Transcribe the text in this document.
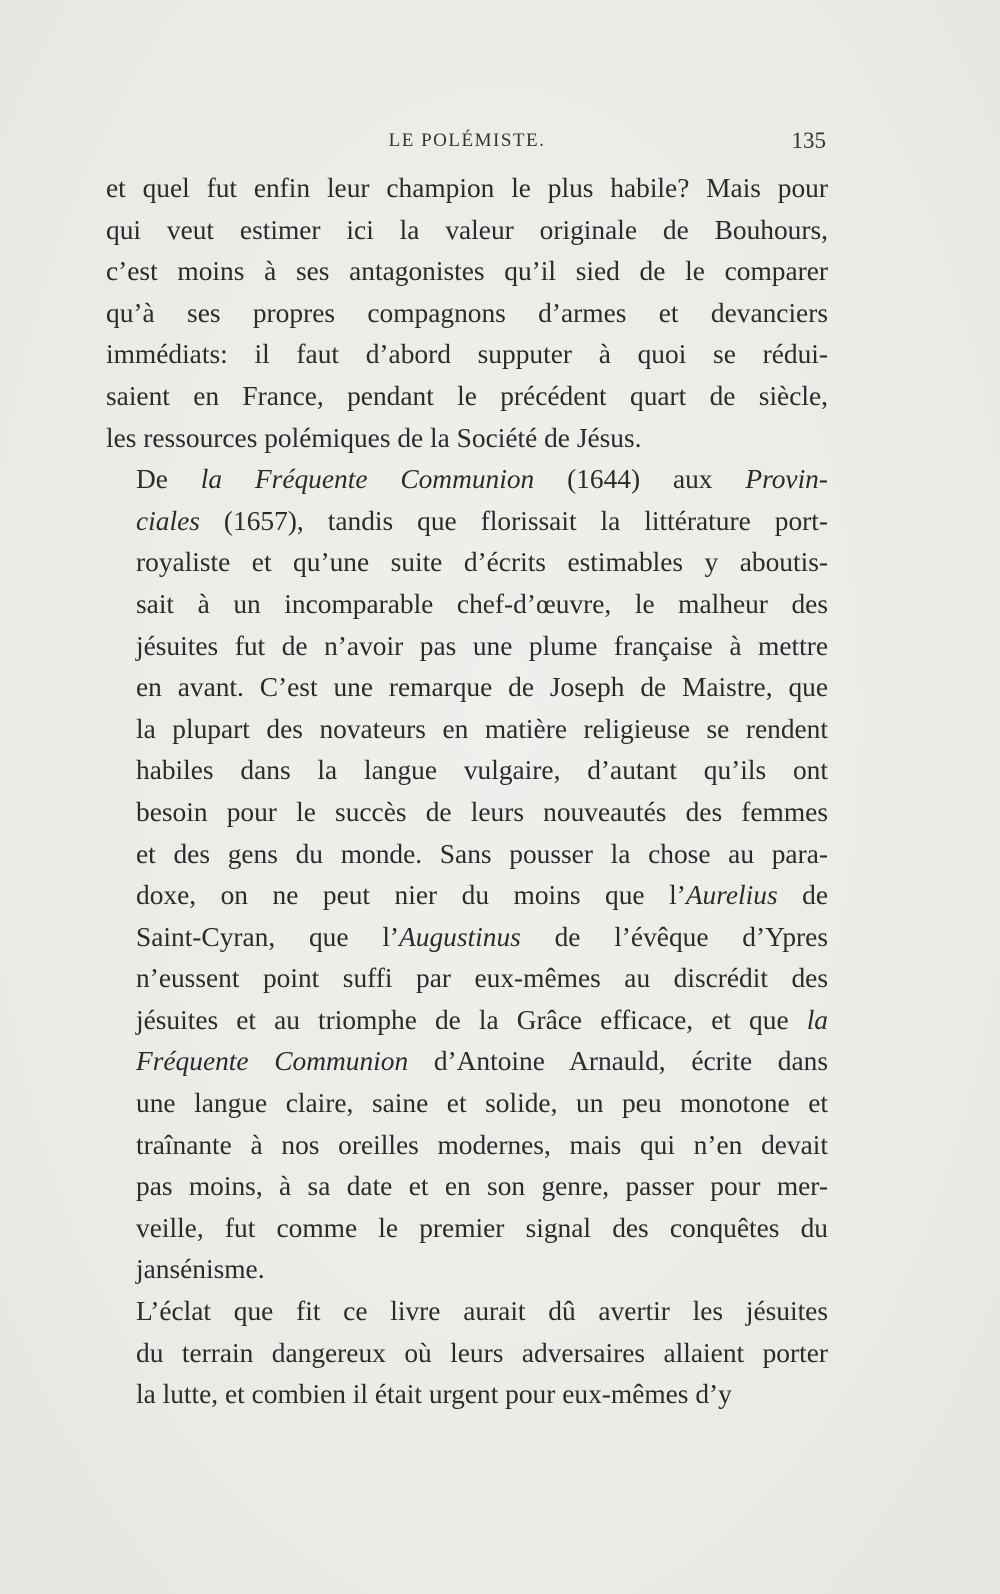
LE POLÉMISTE.	135

et quel fut enfin leur champion le plus habile? Mais pour
qui veut estimer ici la valeur originale de Bouhours,
c’est moins à ses antagonistes qu’il sied de le comparer
qu’à ses propres compagnons d’armes et devanciers
immédiats: il faut d’abord supputer à quoi se rédui-
saient en France, pendant le précédent quart de siècle,
les ressources polémiques de la Société de Jésus.

De la Fréquente Communion (1644) aux Provin-
ciales (1657), tandis que florissait la littérature port-
royaliste et qu’une suite d’écrits estimables y aboutis-
sait à un incomparable chef-d’œuvre, le malheur des
jésuites fut de n’avoir pas une plume française à mettre
en avant. C’est une remarque de Joseph de Maistre, que
la plupart des novateurs en matière religieuse se rendent
habiles dans la langue vulgaire, d’autant qu’ils ont
besoin pour le succès de leurs nouveautés des femmes
et des gens du monde. Sans pousser la chose au para-
doxe, on ne peut nier du moins que l’Aurelius de
Saint-Cyran, que l’Augustinus de l’évêque d’Ypres
n’eussent point suffi par eux-mêmes au discrédit des
jésuites et au triomphe de la Grâce efficace, et que la
Fréquente Communion d’Antoine Arnauld, écrite dans
une langue claire, saine et solide, un peu monotone et
traînante à nos oreilles modernes, mais qui n’en devait
pas moins, à sa date et en son genre, passer pour mer-
veille, fut comme le premier signal des conquêtes du
jansénisme.

L’éclat que fit ce livre aurait dû avertir les jésuites
du terrain dangereux où leurs adversaires allaient porter
la lutte, et combien il était urgent pour eux-mêmes d’y
